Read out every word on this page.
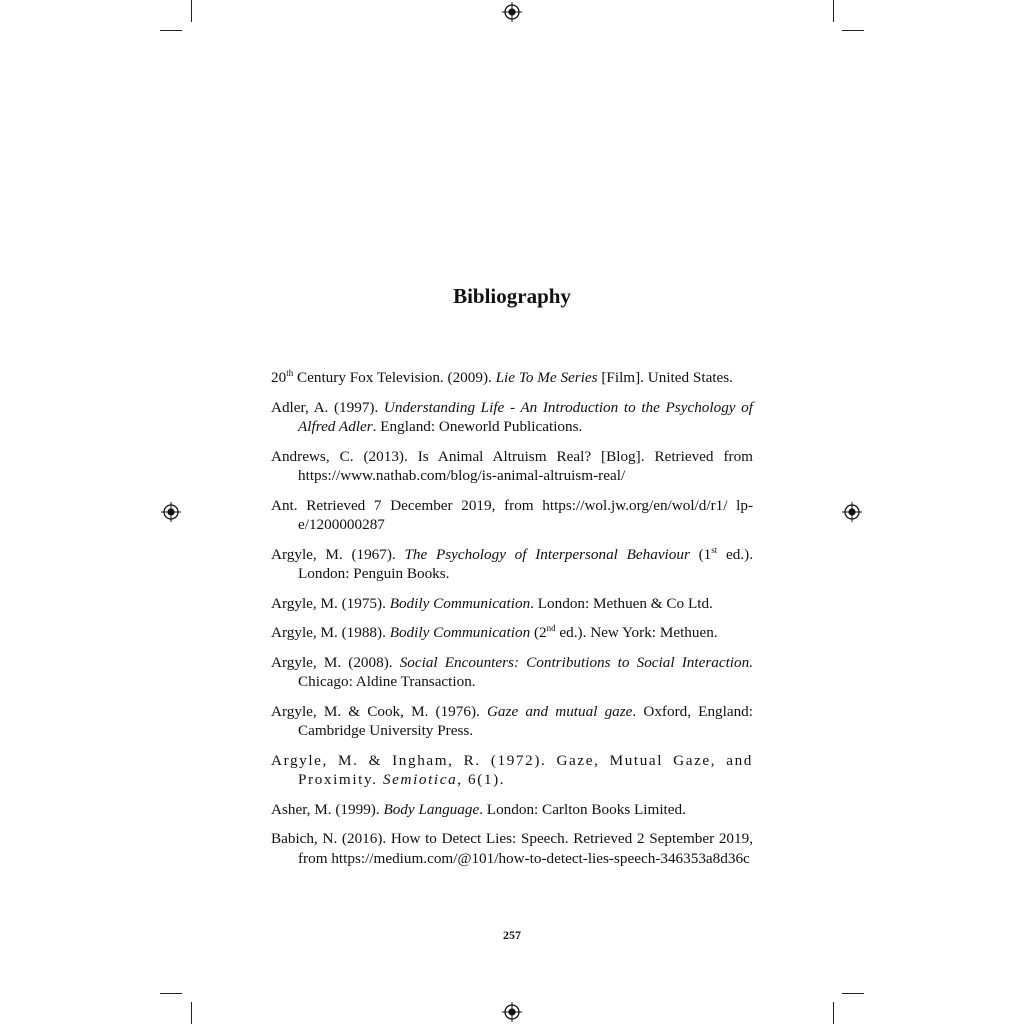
Bibliography
20th Century Fox Television. (2009). Lie To Me Series [Film]. United States.
Adler, A. (1997). Understanding Life - An Introduction to the Psychology of Alfred Adler. England: Oneworld Publications.
Andrews, C. (2013). Is Animal Altruism Real? [Blog]. Retrieved from https://www.nathab.com/blog/is-animal-altruism-real/
Ant. Retrieved 7 December 2019, from https://wol.jw.org/en/wol/d/r1/ lp-e/1200000287
Argyle, M. (1967). The Psychology of Interpersonal Behaviour (1st ed.). London: Penguin Books.
Argyle, M. (1975). Bodily Communication. London: Methuen & Co Ltd.
Argyle, M. (1988). Bodily Communication (2nd ed.). New York: Methuen.
Argyle, M. (2008). Social Encounters: Contributions to Social Interaction. Chicago: Aldine Transaction.
Argyle, M. & Cook, M. (1976). Gaze and mutual gaze. Oxford, England: Cambridge University Press.
Argyle, M. & Ingham, R. (1972). Gaze, Mutual Gaze, and Proximity. Semiotica, 6(1).
Asher, M. (1999). Body Language. London: Carlton Books Limited.
Babich, N. (2016). How to Detect Lies: Speech. Retrieved 2 September 2019, from https://medium.com/@101/how-to-detect-lies-speech-346353a8d36c
257
